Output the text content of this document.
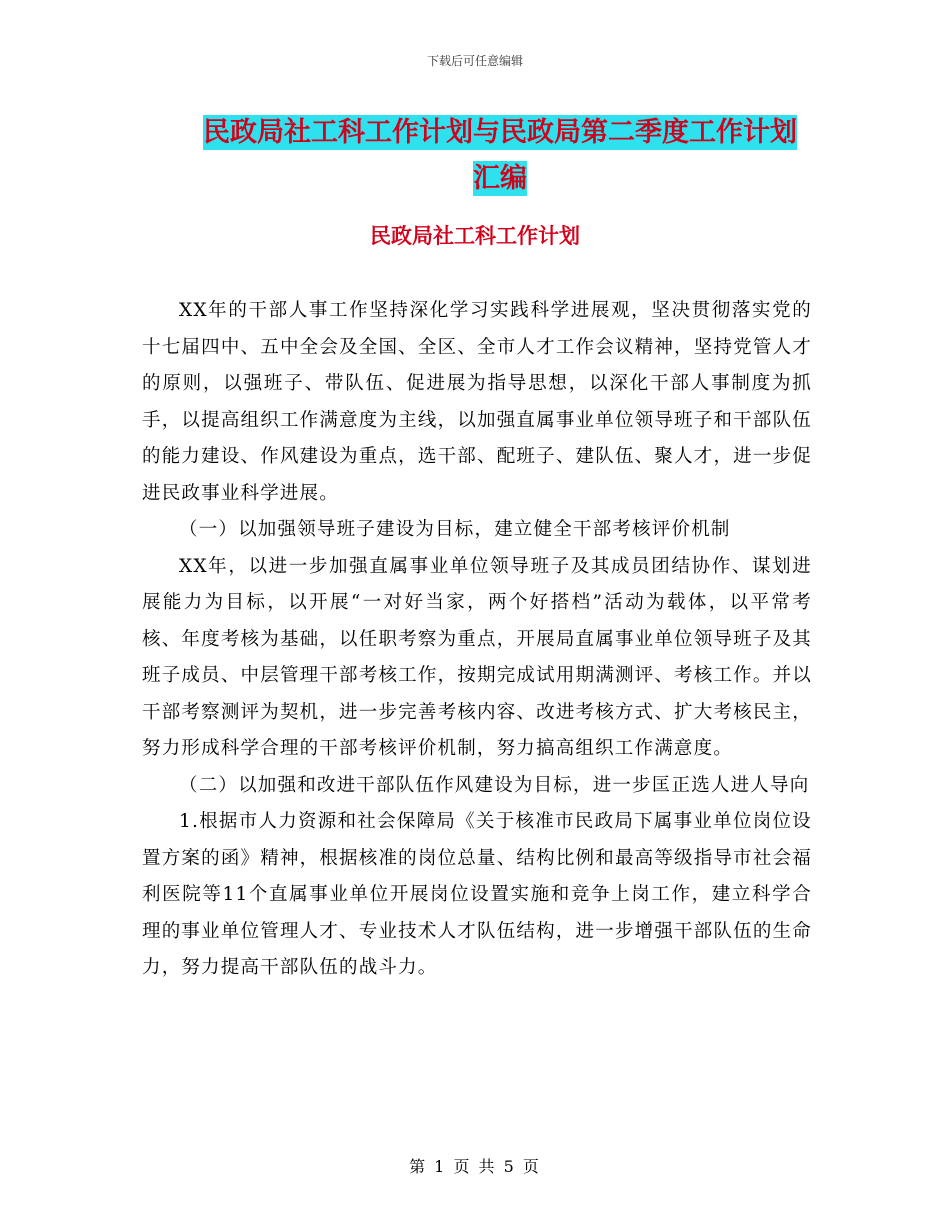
下载后可任意编辑
民政局社工科工作计划与民政局第二季度工作计划汇编
民政局社工科工作计划

XX年的干部人事工作坚持深化学习实践科学进展观，坚决贯彻落实党的十七届四中、五中全会及全国、全区、全市人才工作会议精神，坚持党管人才的原则，以强班子、带队伍、促进展为指导思想，以深化干部人事制度为抓手，以提高组织工作满意度为主线，以加强直属事业单位领导班子和干部队伍的能力建设、作风建设为重点，选干部、配班子、建队伍、聚人才，进一步促进民政事业科学进展。

（一）以加强领导班子建设为目标，建立健全干部考核评价机制

XX年，以进一步加强直属事业单位领导班子及其成员团结协作、谋划进展能力为目标，以开展“一对好当家，两个好搭档”活动为载体，以平常考核、年度考核为基础，以任职考察为重点，开展局直属事业单位领导班子及其班子成员、中层管理干部考核工作，按期完成试用期满测评、考核工作。并以干部考察测评为契机，进一步完善考核内容、改进考核方式、扩大考核民主，努力形成科学合理的干部考核评价机制，努力搞高组织工作满意度。

（二）以加强和改进干部队伍作风建设为目标，进一步匡正选人进人导向

1.根据市人力资源和社会保障局《关于核准市民政局下属事业单位岗位设置方案的函》精神，根据核准的岗位总量、结构比例和最高等级指导市社会福利医院等11个直属事业单位开展岗位设置实施和竞争上岗工作，建立科学合理的事业单位管理人才、专业技术人才队伍结构，进一步增强干部队伍的生命力，努力提高干部队伍的战斗力。

第 1 页 共 5 页
